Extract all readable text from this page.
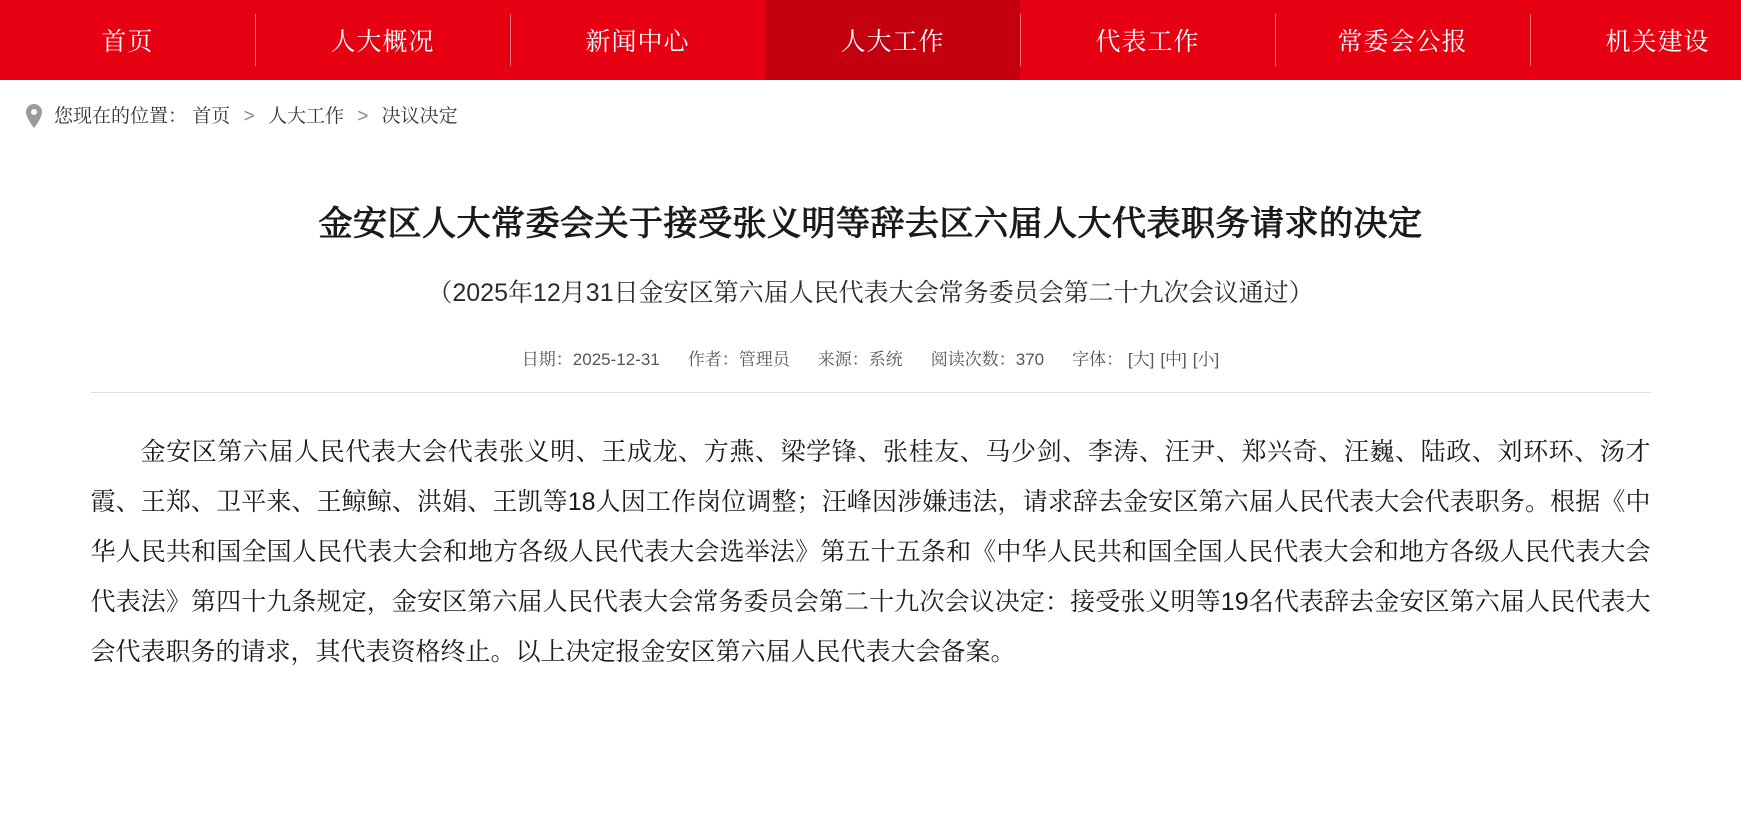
首页	人大概况	新闻中心	人大工作	代表工作	常委会公报	机关建设
您现在的位置： 首页 > 人大工作 > 决议决定
金安区人大常委会关于接受张义明等辞去区六届人大代表职务请求的决定
（2025年12月31日金安区第六届人民代表大会常务委员会第二十九次会议通过）
日期：2025-12-31 作者：管理员 来源：系统 阅读次数：370 字体： [大] [中] [小]

金安区第六届人民代表大会代表张义明、王成龙、方燕、梁学锋、张桂友、马少剑、李涛、汪尹、郑兴奇、汪巍、陆政、刘环环、汤才霞、王郑、卫平来、王鲸鲸、洪娟、王凯等18人因工作岗位调整；汪峰因涉嫌违法，请求辞去金安区第六届人民代表大会代表职务。根据《中华人民共和国全国人民代表大会和地方各级人民代表大会选举法》第五十五条和《中华人民共和国全国人民代表大会和地方各级人民代表大会代表法》第四十九条规定，金安区第六届人民代表大会常务委员会第二十九次会议决定：接受张义明等19名代表辞去金安区第六届人民代表大会代表职务的请求，其代表资格终止。以上决定报金安区第六届人民代表大会备案。
